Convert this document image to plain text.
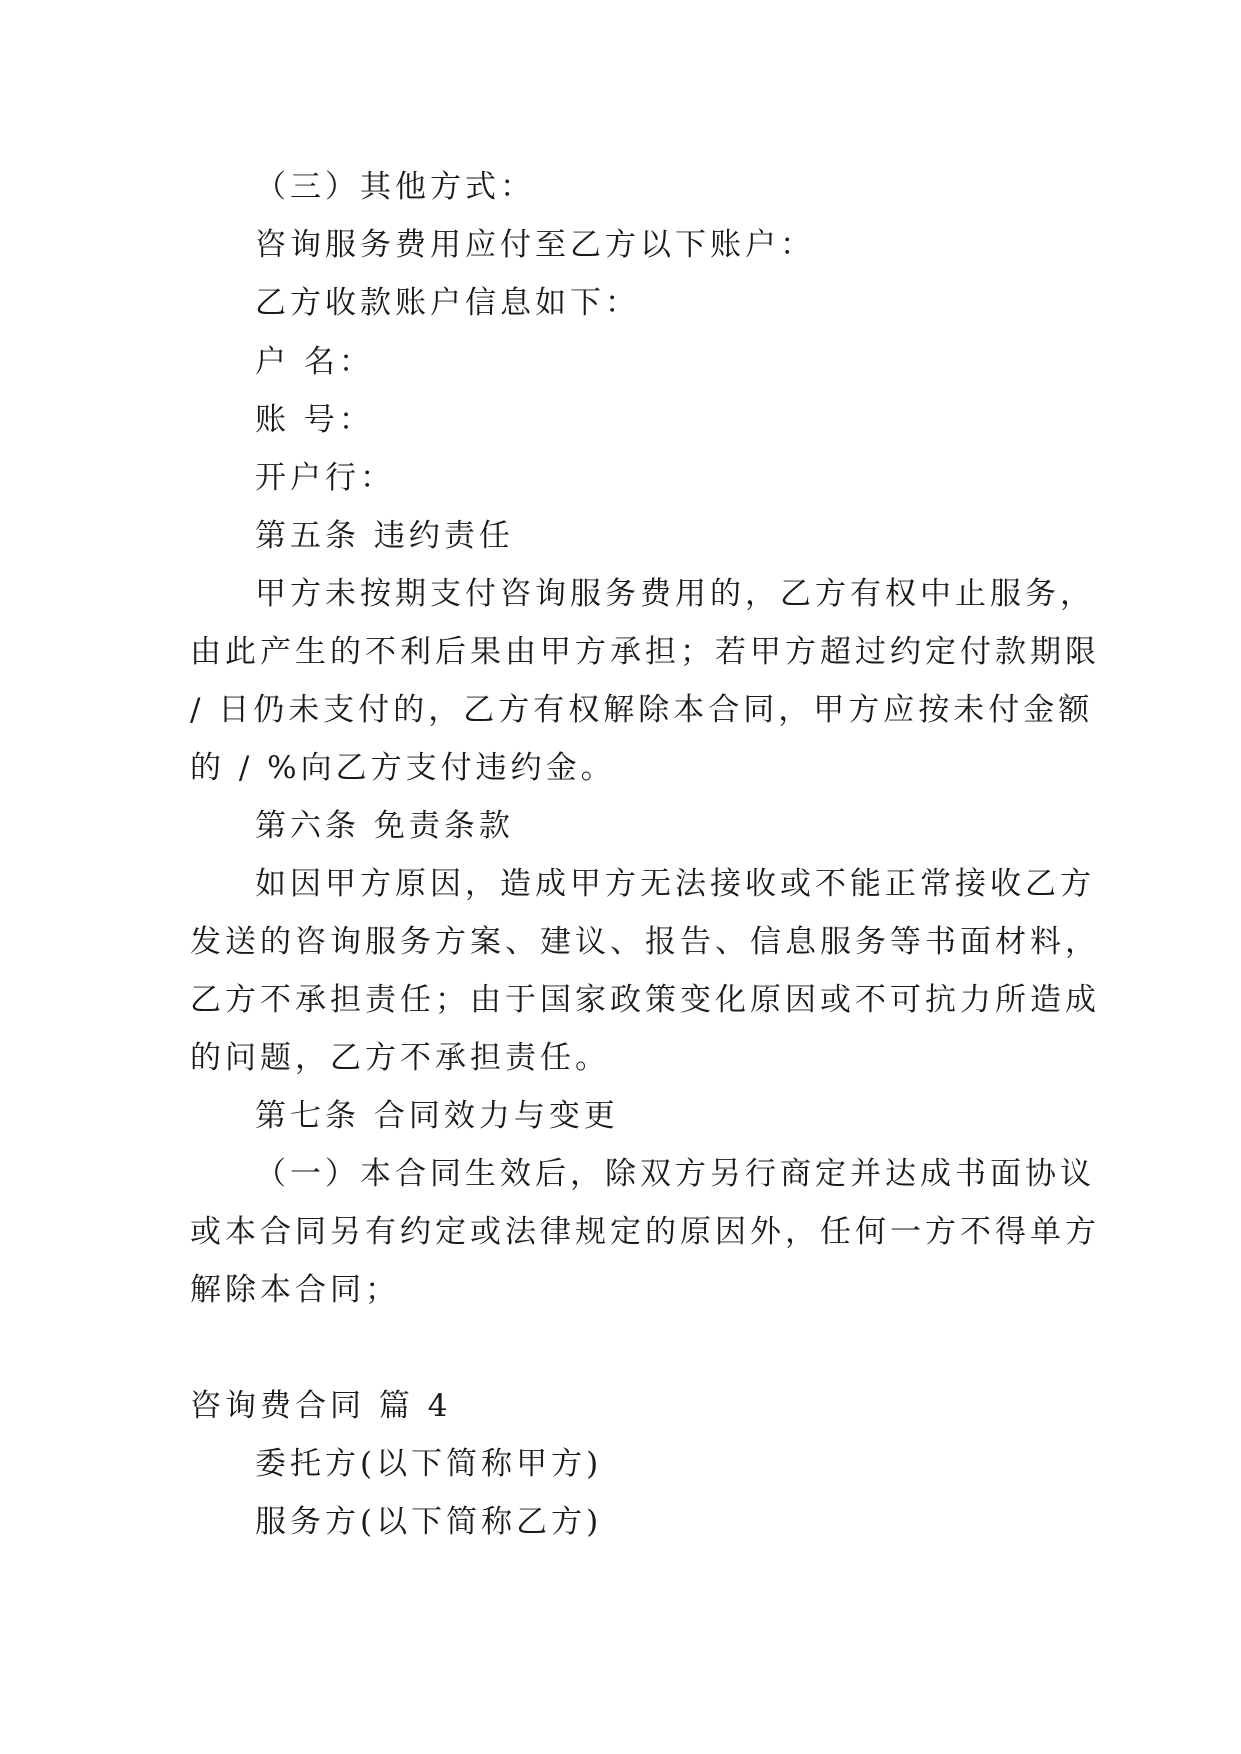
（三）其他方式：
咨询服务费用应付至乙方以下账户：
乙方收款账户信息如下：
户 名：
账 号：
开户行：
第五条 违约责任
甲方未按期支付咨询服务费用的，乙方有权中止服务，
由此产生的不利后果由甲方承担；若甲方超过约定付款期限
/ 日仍未支付的，乙方有权解除本合同，甲方应按未付金额
的 / %向乙方支付违约金。
第六条 免责条款
如因甲方原因，造成甲方无法接收或不能正常接收乙方
发送的咨询服务方案、建议、报告、信息服务等书面材料，
乙方不承担责任；由于国家政策变化原因或不可抗力所造成
的问题，乙方不承担责任。
第七条 合同效力与变更
（一）本合同生效后，除双方另行商定并达成书面协议
或本合同另有约定或法律规定的原因外，任何一方不得单方
解除本合同；
咨询费合同 篇 4
委托方(以下简称甲方)
服务方(以下简称乙方)
